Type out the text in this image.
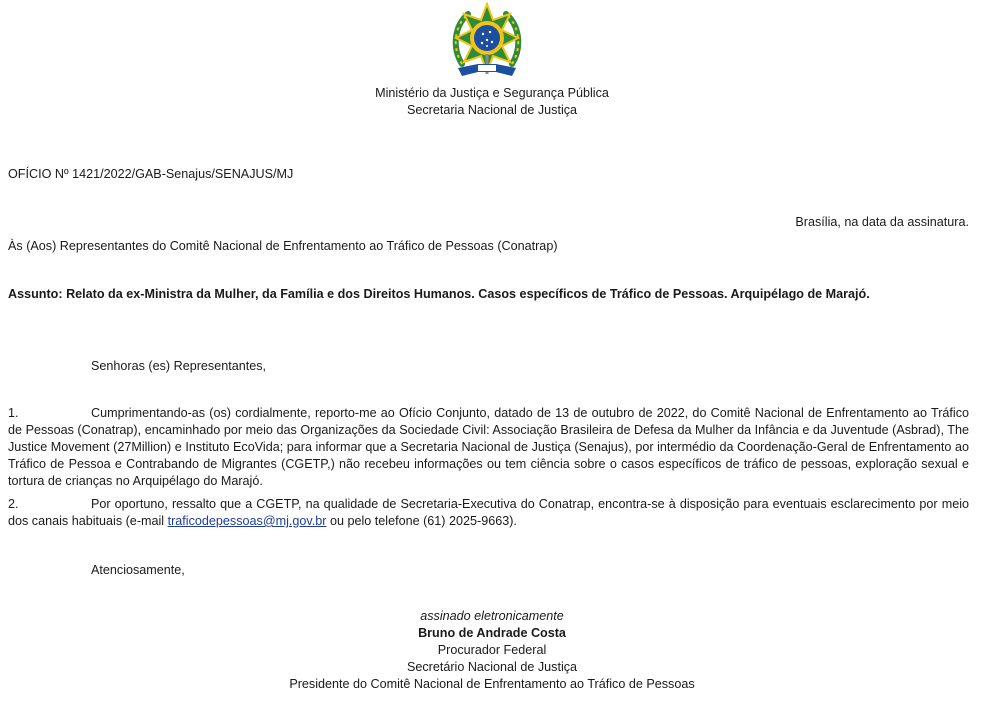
Ministério da Justiça e Segurança Pública
Secretaria Nacional de Justiça
OFÍCIO Nº 1421/2022/GAB-Senajus/SENAJUS/MJ
Brasília, na data da assinatura.
Às (Aos) Representantes do Comitê Nacional de Enfrentamento ao Tráfico de Pessoas (Conatrap)
Assunto: Relato da ex-Ministra da Mulher, da Família e dos Direitos Humanos. Casos específicos de Tráfico de Pessoas. Arquipélago de Marajó.
Senhoras (es) Representantes,
1.	Cumprimentando-as (os) cordialmente, reporto-me ao Ofício Conjunto, datado de 13 de outubro de 2022, do Comitê Nacional de Enfrentamento ao Tráfico de Pessoas (Conatrap), encaminhado por meio das Organizações da Sociedade Civil: Associação Brasileira de Defesa da Mulher da Infância e da Juventude (Asbrad), The Justice Movement (27Million) e Instituto EcoVida; para informar que a Secretaria Nacional de Justiça (Senajus), por intermédio da Coordenação-Geral de Enfrentamento ao Tráfico de Pessoa e Contrabando de Migrantes (CGETP,) não recebeu informações ou tem ciência sobre o casos específicos de tráfico de pessoas, exploração sexual e tortura de crianças no Arquipélago do Marajó.
2.	Por oportuno, ressalto que a CGETP, na qualidade de Secretaria-Executiva do Conatrap, encontra-se à disposição para eventuais esclarecimento por meio dos canais habituais (e-mail traficodepessoas@mj.gov.br ou pelo telefone (61) 2025-9663).
Atenciosamente,
assinado eletronicamente
Bruno de Andrade Costa
Procurador Federal
Secretário Nacional de Justiça
Presidente do Comitê Nacional de Enfrentamento ao Tráfico de Pessoas
